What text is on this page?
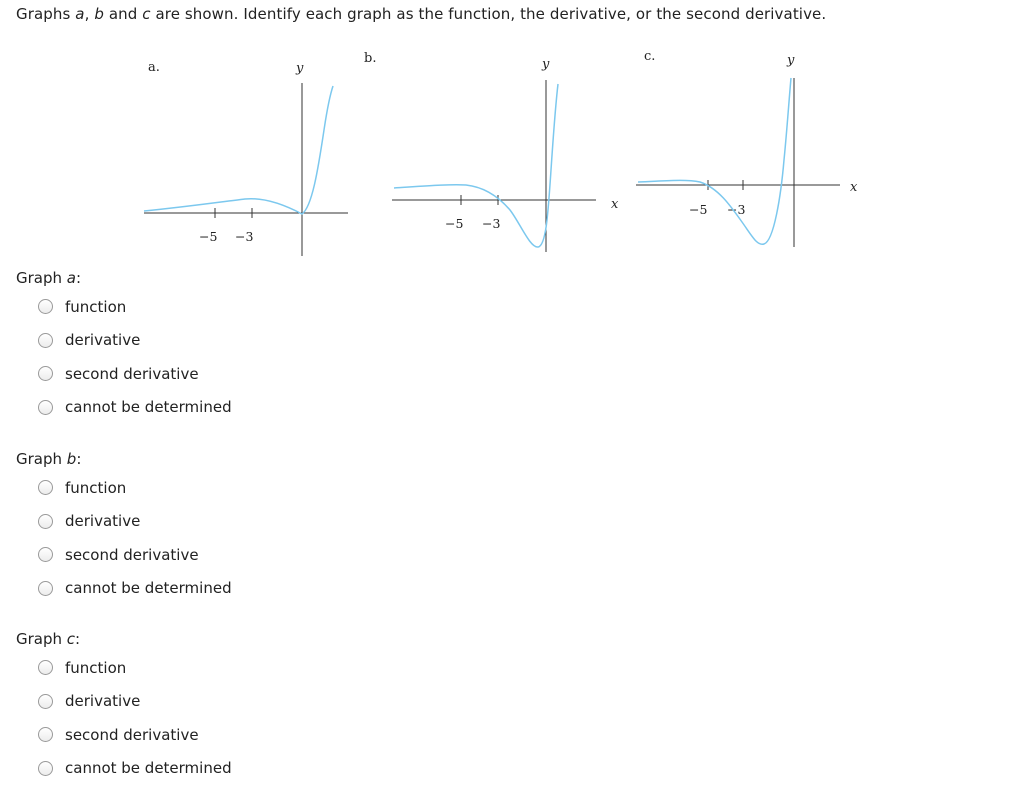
Graphs a, b and c are shown. Identify each graph as the function, the derivative, or the second derivative.
a.	y
−5 −3
b.	y
x
−5 −3
c.	y
x
−5 −3
Graph a:
function
derivative
second derivative
cannot be determined
Graph b:
function
derivative
second derivative
cannot be determined
Graph c:
function
derivative
second derivative
cannot be determined
